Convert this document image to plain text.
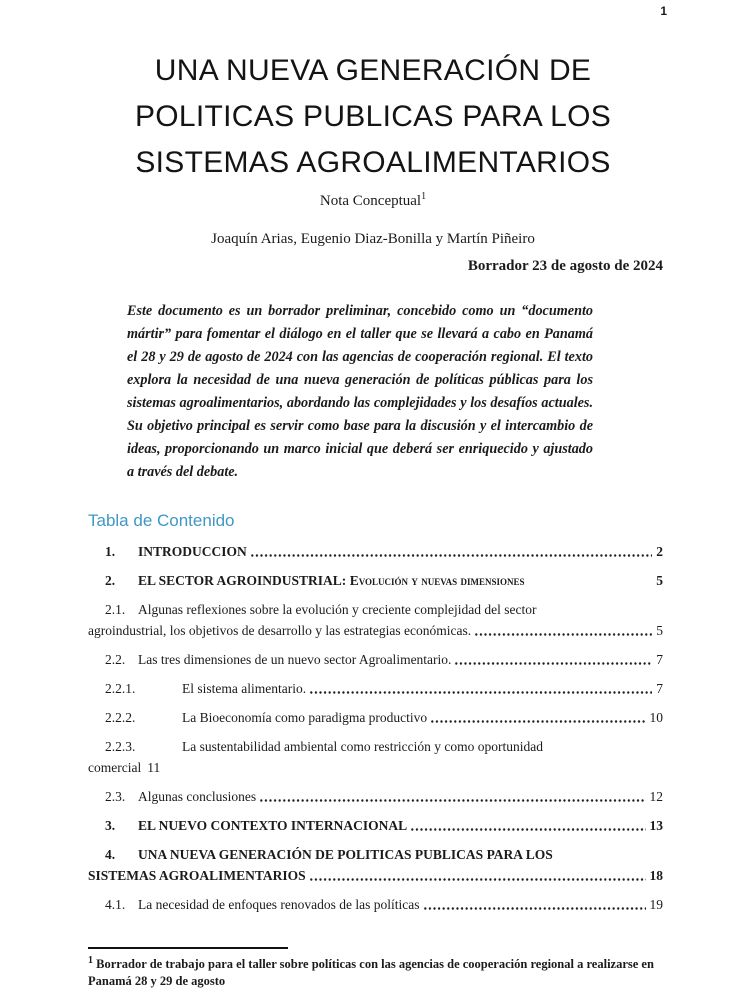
1
UNA NUEVA GENERACIÓN DE
POLITICAS PUBLICAS PARA LOS
SISTEMAS AGROALIMENTARIOS
Nota Conceptual$^1$
Joaquín Arias, Eugenio Diaz-Bonilla y Martín Piñeiro
Borrador 23 de agosto de 2024
Este documento es un borrador preliminar, concebido como un “documento mártir” para fomentar el diálogo en el taller que se llevará a cabo en Panamá el 28 y 29 de agosto de 2024 con las agencias de cooperación regional. El texto explora la necesidad de una nueva generación de políticas públicas para los sistemas agroalimentarios, abordando las complejidades y los desafíos actuales. Su objetivo principal es servir como base para la discusión y el intercambio de ideas, proporcionando un marco inicial que deberá ser enriquecido y ajustado a través del debate.
Tabla de Contenido
1.	INTRODUCCION	2
2.	EL SECTOR AGROINDUSTRIAL: Evolución y nuevas dimensiones	5
2.1. Algunas reflexiones sobre la evolución y creciente complejidad del sector
agroindustrial, los objetivos de desarrollo y las estrategias económicas.	5
2.2. Las tres dimensiones de un nuevo sector Agroalimentario.	7
2.2.1.	El sistema alimentario.	7
2.2.2.	La Bioeconomía como paradigma productivo	10
2.2.3.	La sustentabilidad ambiental como restricción y como oportunidad
comercial 11
2.3. Algunas conclusiones	12
3.	EL NUEVO CONTEXTO INTERNACIONAL	13
4.	UNA NUEVA GENERACIÓN DE POLITICAS PUBLICAS PARA LOS
SISTEMAS AGROALIMENTARIOS	18
4.1. La necesidad de enfoques renovados de las políticas	19
$^1$ Borrador de trabajo para el taller sobre políticas con las agencias de cooperación regional a realizarse en Panamá 28 y 29 de agosto
